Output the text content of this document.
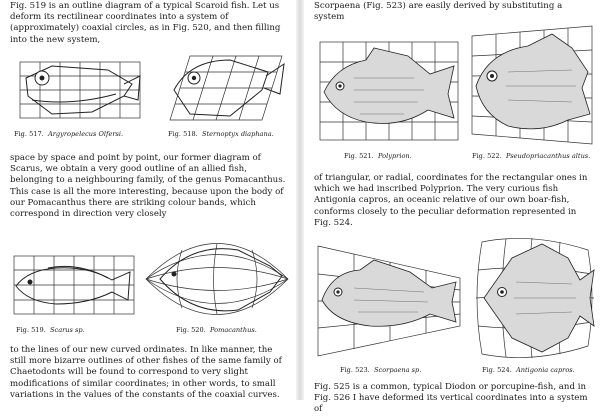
Fig. 519 is an outline diagram of a typical Scaroid fish. Let us deform its rectilinear coordinates into a system of (approximately) coaxial circles, as in Fig. 520, and then filling into the new system,

Fig. 517. Argyropelecus Olfersi.	Fig. 518. Sternoptyx diaphana.

space by space and point by point, our former diagram of Scarus, we obtain a very good outline of an allied fish, belonging to a neighbouring family, of the genus Pomacanthus. This case is all the more interesting, because upon the body of our Pomacanthus there are striking colour bands, which correspond in direction very closely

Fig. 519. Scarus sp.	Fig. 520. Pomacanthus.

to the lines of our new curved ordinates. In like manner, the still more bizarre outlines of other fishes of the same family of Chaetodonts will be found to correspond to very slight modifications of similar coordinates; in other words, to small variations in the values of the constants of the coaxial curves.

Scorpaena (Fig. 523) are easily derived by substituting a system

Fig. 521. Polyprion.	Fig. 522. Pseudopriacanthus altus.

of triangular, or radial, coordinates for the rectangular ones in which we had inscribed Polyprion. The very curious fish Antigonia capros, an oceanic relative of our own boar-fish, conforms closely to the peculiar deformation represented in Fig. 524.

Fig. 523. Scorpaena sp.	Fig. 524. Antigonia capros.

Fig. 525 is a common, typical Diodon or porcupine-fish, and in Fig. 526 I have deformed its vertical coordinates into a system of
